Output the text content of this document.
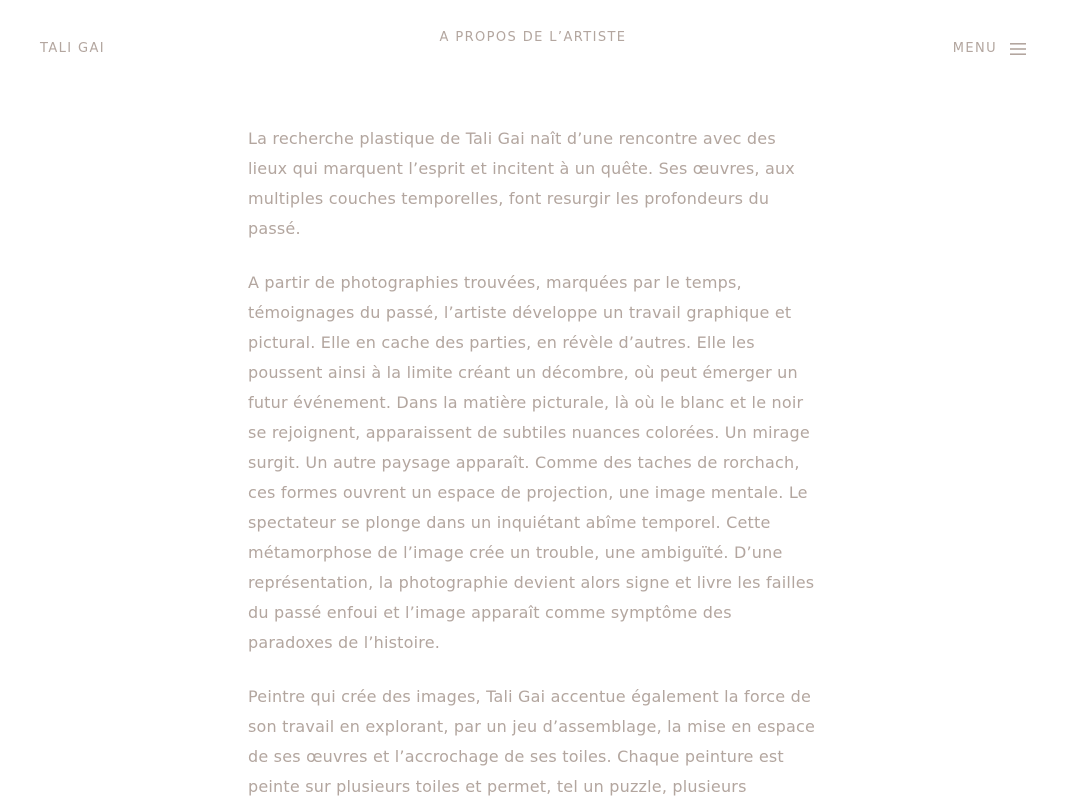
TALI GAI
A PROPOS DE L’ARTISTE
MENU

La recherche plastique de Tali Gai naît d’une rencontre avec des lieux qui marquent l’esprit et incitent à un quête. Ses œuvres, aux multiples couches temporelles, font resurgir les profondeurs du passé.

A partir de photographies trouvées, marquées par le temps, témoignages du passé, l’artiste développe un travail graphique et pictural. Elle en cache des parties, en révèle d’autres. Elle les poussent ainsi à la limite créant un décombre, où peut émerger un futur événement. Dans la matière picturale, là où le blanc et le noir se rejoignent, apparaissent de subtiles nuances colorées. Un mirage surgit. Un autre paysage apparaît. Comme des taches de rorchach, ces formes ouvrent un espace de projection, une image mentale. Le spectateur se plonge dans un inquiétant abîme temporel. Cette métamorphose de l’image crée un trouble, une ambiguïté. D’une représentation, la photographie devient alors signe et livre les failles du passé enfoui et l’image apparaît comme symptôme des paradoxes de l’histoire.

Peintre qui crée des images, Tali Gai accentue également la force de son travail en explorant, par un jeu d’assemblage, la mise en espace de ses œuvres et l’accrochage de ses toiles. Chaque peinture est peinte sur plusieurs toiles et permet, tel un puzzle, plusieurs
